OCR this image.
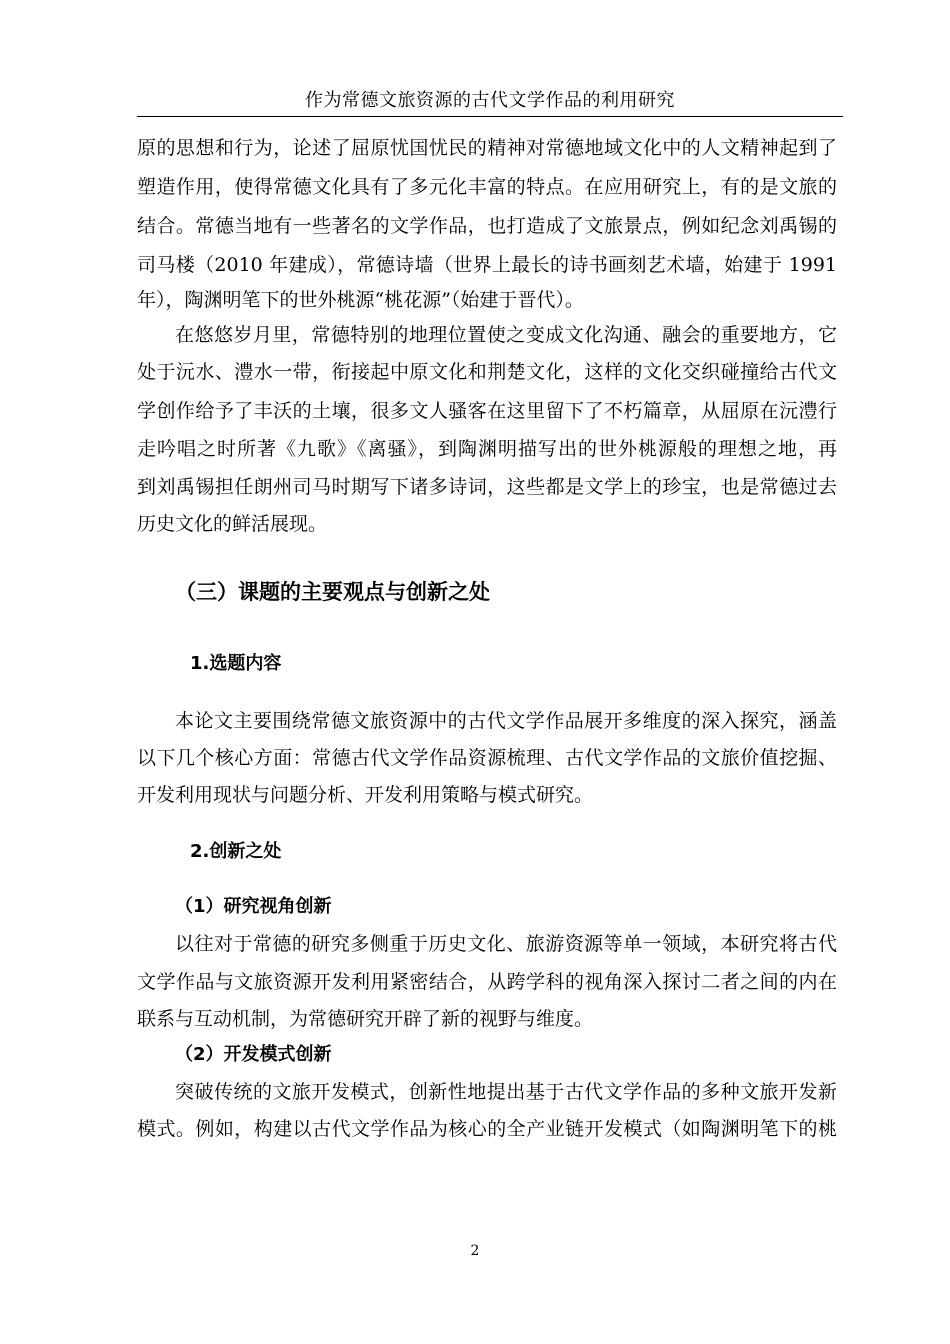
作为常德文旅资源的古代文学作品的利用研究
原的思想和行为，论述了屈原忧国忧民的精神对常德地域文化中的人文精神起到了
塑造作用，使得常德文化具有了多元化丰富的特点。在应用研究上，有的是文旅的
结合。常德当地有一些著名的文学作品，也打造成了文旅景点，例如纪念刘禹锡的
司马楼（2010 年建成），常德诗墙（世界上最长的诗书画刻艺术墙，始建于 1991
年），陶渊明笔下的世外桃源“桃花源”（始建于晋代）。
在悠悠岁月里，常德特别的地理位置使之变成文化沟通、融会的重要地方，它
处于沅水、澧水一带，衔接起中原文化和荆楚文化，这样的文化交织碰撞给古代文
学创作给予了丰沃的土壤，很多文人骚客在这里留下了不朽篇章，从屈原在沅澧行
走吟唱之时所著《九歌》《离骚》，到陶渊明描写出的世外桃源般的理想之地，再
到刘禹锡担任朗州司马时期写下诸多诗词，这些都是文学上的珍宝，也是常德过去
历史文化的鲜活展现。
（三）课题的主要观点与创新之处
1.选题内容
本论文主要围绕常德文旅资源中的古代文学作品展开多维度的深入探究，涵盖
以下几个核心方面：常德古代文学作品资源梳理、古代文学作品的文旅价值挖掘、
开发利用现状与问题分析、开发利用策略与模式研究。
2.创新之处
（1）研究视角创新
以往对于常德的研究多侧重于历史文化、旅游资源等单一领域，本研究将古代
文学作品与文旅资源开发利用紧密结合，从跨学科的视角深入探讨二者之间的内在
联系与互动机制，为常德研究开辟了新的视野与维度。
（2）开发模式创新
突破传统的文旅开发模式，创新性地提出基于古代文学作品的多种文旅开发新
模式。例如，构建以古代文学作品为核心的全产业链开发模式（如陶渊明笔下的桃
2
